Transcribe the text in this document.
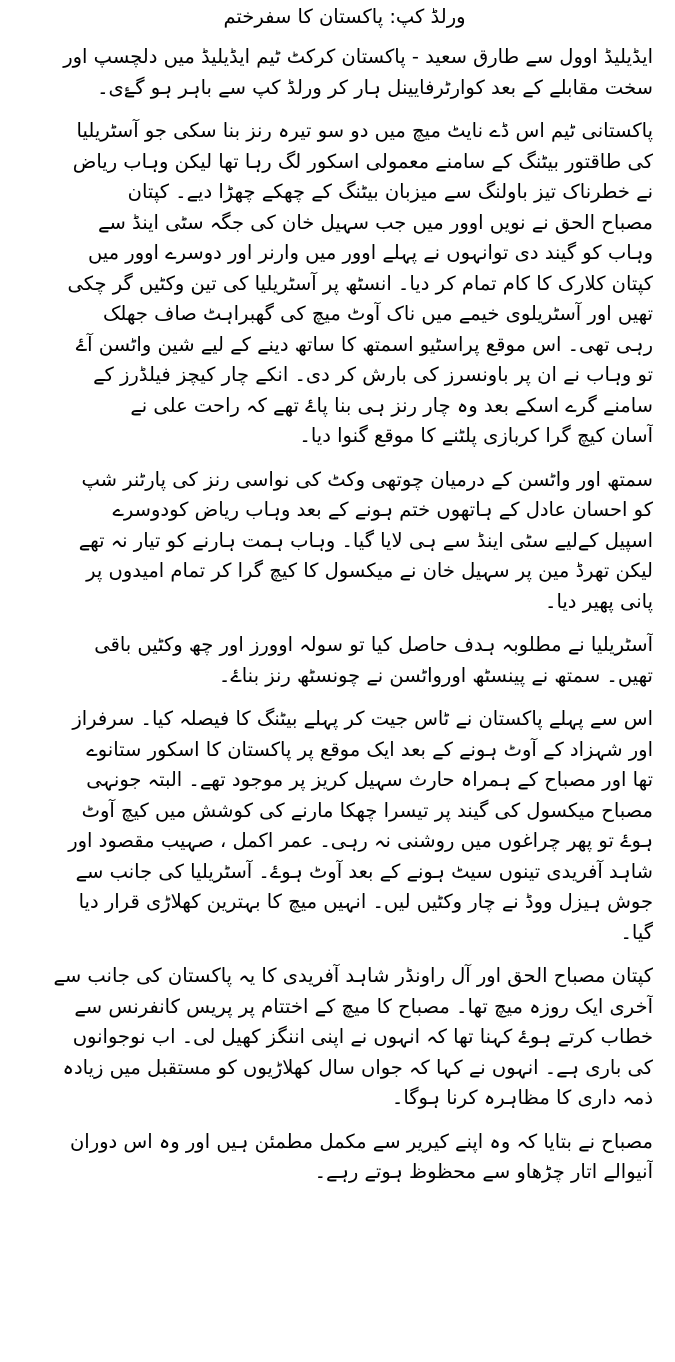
ورلڈ کپ: پاکستان کا سفرختم
ایڈیلیڈ اوول سے طارق سعید - پاکستان کرکٹ ٹیم ایڈیلیڈ میں دلچسپ اور
سخت مقابلے کے بعد کوارٹرفایینل ہار کر ورلڈ کپ سے باہر ہو گۓی۔
پاکستانی ٹیم اس ڈے نایٹ میچ میں دو سو تیرہ رنز بنا سکی جو آسٹریلیا
کی طاقتور بیٹنگ کے سامنے معمولی اسکور لگ رہا تھا لیکن وہاب ریاض
نے خطرناک تیز باولنگ سے میزبان بیٹنگ کے چھکے چھڑا دیے۔ کپتان
مصباح الحق نے نویں اوور میں جب سہیل خان کی جگہ سٹی اینڈ سے
وہاب کو گیند دی توانہوں نے پہلے اوور میں وارنر اور دوسرے اوور میں
کپتان کلارک کا کام تمام کر دیا۔ انسٹھ پر آسٹریلیا کی تین وکٹیں گر چکی
تھیں اور آسٹریلوی خیمے میں ناک آوٹ میچ کی گھبراہٹ صاف جھلک
رہی تھی۔ اس موقع پراسٹیو اسمتھ کا ساتھ دینے کے لیے شین واٹسن آۓ
تو وہاب نے ان پر باونسرز کی بارش کر دی۔ انکے چار کیچز فیلڈرز کے
سامنے گرے اسکے بعد وہ چار رنز ہی بنا پاۓ تھے کہ راحت علی نے
آسان کیچ گرا کربازی پلٹنے کا موقع گنوا دیا۔
سمتھ اور واٹسن کے درمیان چوتھی وکٹ کی نواسی رنز کی پارٹنر شپ
کو احسان عادل کے ہاتھوں ختم ہونے کے بعد وہاب ریاض کودوسرے
اسپیل کےلیے سٹی اینڈ سے ہی لایا گیا۔ وہاب ہمت ہارنے کو تیار نہ تھے
لیکن تھرڈ مین پر سہیل خان نے میکسول کا کیچ گرا کر تمام امیدوں پر
پانی پھیر دیا۔
آسٹریلیا نے مطلوبہ ہدف حاصل کیا تو سولہ اوورز اور چھ وکٹیں باقی
تھیں۔ سمتھ نے پینسٹھ اورواٹسن نے چونسٹھ رنز بناۓ۔
اس سے پہلے پاکستان نے ٹاس جیت کر پہلے بیٹنگ کا فیصلہ کیا۔ سرفراز
اور شہزاد کے آوٹ ہونے کے بعد ایک موقع پر پاکستان کا اسکور ستانوے
تھا اور مصباح کے ہمراہ حارث سہیل کریز پر موجود تھے۔ البتہ جونہی
مصباح میکسول کی گیند پر تیسرا چھکا مارنے کی کوشش میں کیچ آوٹ
ہوۓ تو پھر چراغوں میں روشنی نہ رہی۔ عمر اکمل ، صہیب مقصود اور
شاہد آفریدی تینوں سیٹ ہونے کے بعد آوٹ ہوۓ۔ آسٹریلیا کی جانب سے
جوش ہیزل ووڈ نے چار وکٹیں لیں۔ انہیں میچ کا بہترین کھلاڑی قرار دیا
گیا۔
کپتان مصباح الحق اور آل راونڈر شاہد آفریدی کا یہ پاکستان کی جانب سے
آخری ایک روزہ میچ تھا۔ مصباح کا میچ کے اختتام پر پریس کانفرنس سے
خطاب کرتے ہوۓ کہنا تھا کہ انہوں نے اپنی اننگز کھیل لی۔ اب نوجوانوں
کی باری ہے۔ انہوں نے کہا کہ جواں سال کھلاڑیوں کو مستقبل میں زیادہ
ذمہ داری کا مظاہرہ کرنا ہوگا۔
مصباح نے بتایا کہ وہ اپنے کیریر سے مکمل مطمئن ہیں اور وہ اس دوران
آنیوالے اتار چڑھاو سے محظوظ ہوتے رہے۔
